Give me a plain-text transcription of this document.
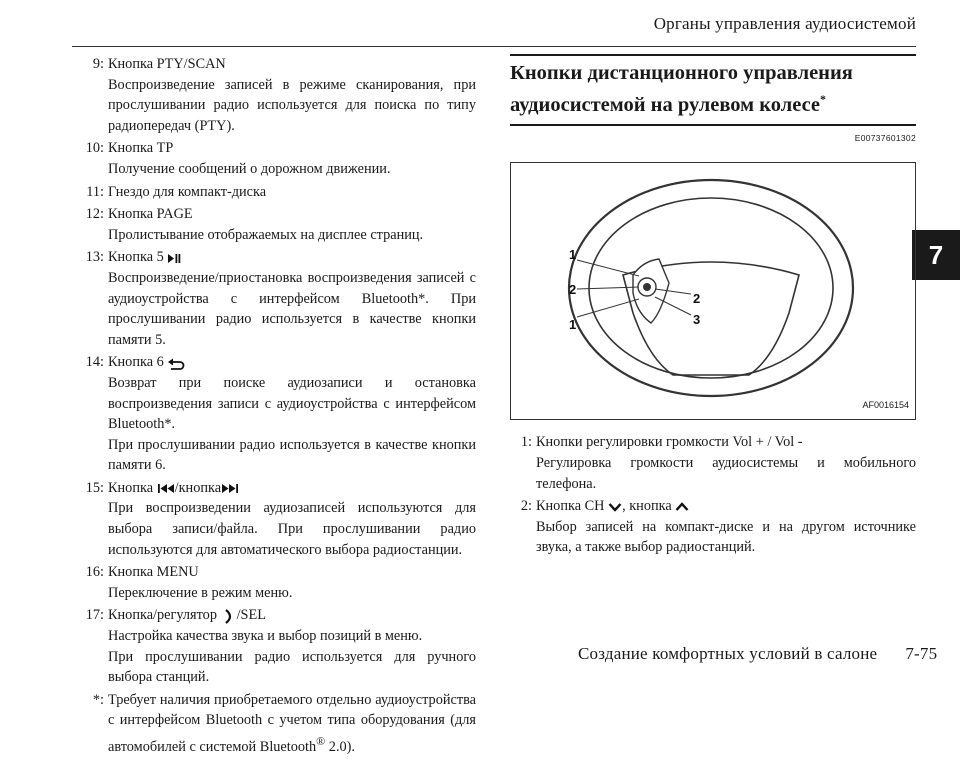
Органы управления аудиосистемой
7
9: Кнопка PTY/SCAN
Воспроизведение записей в режиме сканирования, при прослушивании радио используется для поиска по типу радиопередач (PTY).
10: Кнопка TP
Получение сообщений о дорожном движении.
11: Гнездо для компакт-диска
12: Кнопка PAGE
Пролистывание отображаемых на дисплее страниц.
13: Кнопка 5
Воспроизведение/приостановка воспроизведения записей с аудиоустройства с интерфейсом Bluetooth*. При прослушивании радио используется в качестве кнопки памяти 5.
14: Кнопка 6
Возврат при поиске аудиозаписи и остановка воспроизведения записи с аудиоустройства с интерфейсом Bluetooth*.
При прослушивании радио используется в качестве кнопки памяти 6.
15: Кнопка /кнопка
При воспроизведении аудиозаписей используются для выбора записи/файла. При прослушивании радио используются для автоматического выбора радиостанции.
16: Кнопка MENU
Переключение в режим меню.
17: Кнопка/регулятор /SEL
Настройка качества звука и выбор позиций в меню.
При прослушивании радио используется для ручного выбора станций.
*: Требует наличия приобретаемого отдельно аудиоустройства с интерфейсом Bluetooth с учетом типа оборудования (для автомобилей с системой Bluetooth® 2.0).
Кнопки дистанционного управления аудиосистемой на рулевом колесе*
E00737601302
1
2
1
2
3
AF0016154
1: Кнопки регулировки громкости Vol + / Vol -
Регулировка громкости аудиосистемы и мобильного телефона.
2: Кнопка CH , кнопка
Выбор записей на компакт-диске и на другом источнике звука, а также выбор радиостанций.
Создание комфортных условий в салоне 7-75
